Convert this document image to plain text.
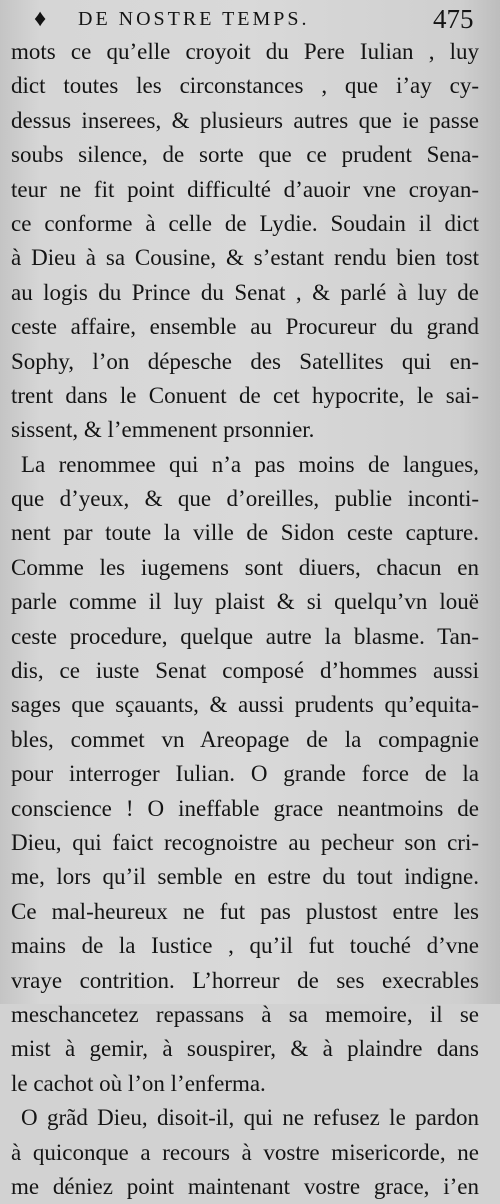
♦ DE NOSTRE TEMPS.	475
mots ce qu’elle croyoit du Pere Iulian , luy
dict toutes les circonstances , que i’ay cy-
dessus inserees, & plusieurs autres que ie passe
soubs silence, de sorte que ce prudent Sena-
teur ne fit point difficulté d’auoir vne croyan-
ce conforme à celle de Lydie. Soudain il dict
à Dieu à sa Cousine, & s’estant rendu bien tost
au logis du Prince du Senat , & parlé à luy de
ceste affaire, ensemble au Procureur du grand
Sophy, l’on dépesche des Satellites qui en-
trent dans le Conuent de cet hypocrite, le sai-
sissent, & l’emmenent prsonnier.
La renommee qui n’a pas moins de langues,
que d’yeux, & que d’oreilles, publie inconti-
nent par toute la ville de Sidon ceste capture.
Comme les iugemens sont diuers, chacun en
parle comme il luy plaist & si quelqu’vn louë
ceste procedure, quelque autre la blasme. Tan-
dis, ce iuste Senat composé d’hommes aussi
sages que sçauants, & aussi prudents qu’equita-
bles, commet vn Areopage de la compagnie
pour interroger Iulian. O grande force de la
conscience ! O ineffable grace neantmoins de
Dieu, qui faict recognoistre au pecheur son cri-
me, lors qu’il semble en estre du tout indigne.
Ce mal-heureux ne fut pas plustost entre les
mains de la Iustice , qu’il fut touché d’vne
vraye contrition. L’horreur de ses execrables
meschancetez repassans à sa memoire, il se
mist à gemir, à souspirer, & à plaindre dans
le cachot où l’on l’enferma.
O grãd Dieu, disoit-il, qui ne refusez le pardon
à quiconque a recours à vostre misericorde, ne
me déniez point maintenant vostre grace, i’en
